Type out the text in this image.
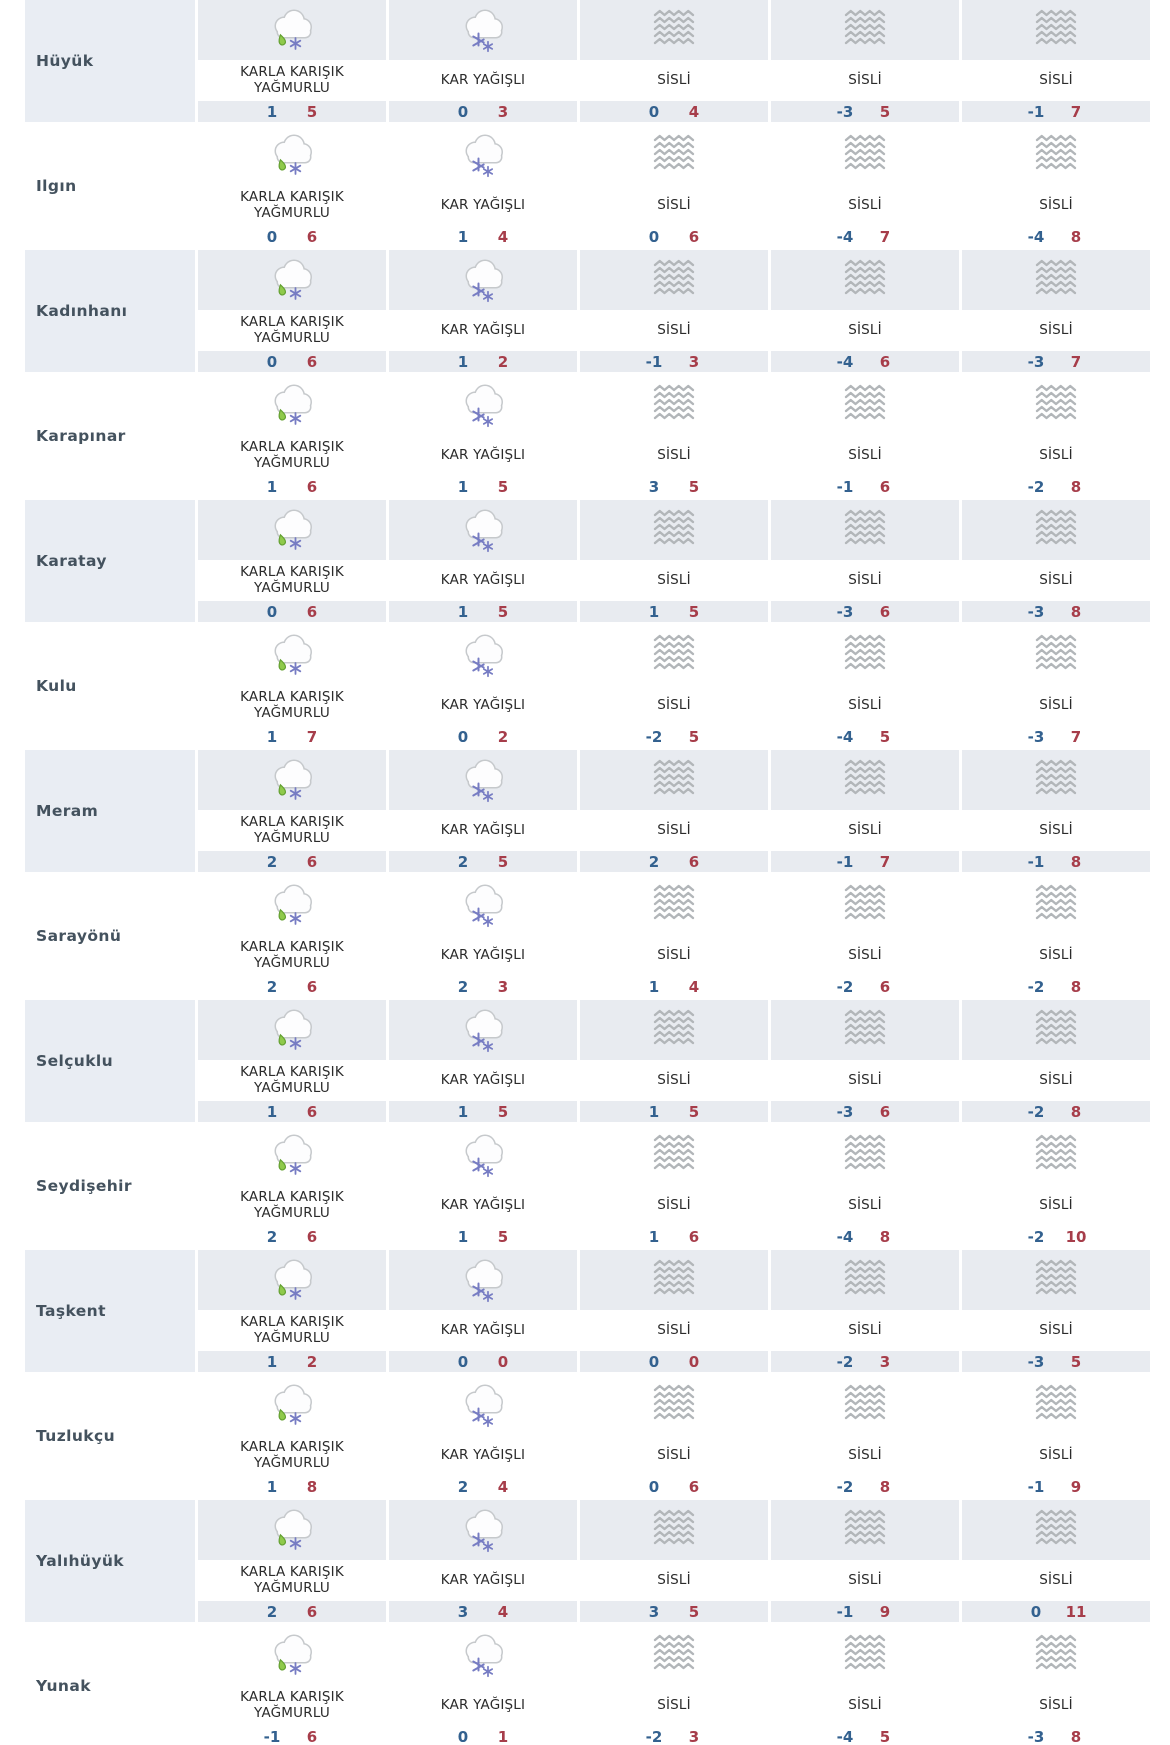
Hüyük
KARLA KARIŞIK YAĞMURLU
1	5
KAR YAĞIŞLI
0	3
SİSLİ
0	4
SİSLİ
-3	5
SİSLİ
-1	7
Ilgın
KARLA KARIŞIK YAĞMURLU
0	6
KAR YAĞIŞLI
1	4
SİSLİ
0	6
SİSLİ
-4	7
SİSLİ
-4	8
Kadınhanı
KARLA KARIŞIK YAĞMURLU
0	6
KAR YAĞIŞLI
1	2
SİSLİ
-1	3
SİSLİ
-4	6
SİSLİ
-3	7
Karapınar
KARLA KARIŞIK YAĞMURLU
1	6
KAR YAĞIŞLI
1	5
SİSLİ
3	5
SİSLİ
-1	6
SİSLİ
-2	8
Karatay
KARLA KARIŞIK YAĞMURLU
0	6
KAR YAĞIŞLI
1	5
SİSLİ
1	5
SİSLİ
-3	6
SİSLİ
-3	8
Kulu
KARLA KARIŞIK YAĞMURLU
1	7
KAR YAĞIŞLI
0	2
SİSLİ
-2	5
SİSLİ
-4	5
SİSLİ
-3	7
Meram
KARLA KARIŞIK YAĞMURLU
2	6
KAR YAĞIŞLI
2	5
SİSLİ
2	6
SİSLİ
-1	7
SİSLİ
-1	8
Sarayönü
KARLA KARIŞIK YAĞMURLU
2	6
KAR YAĞIŞLI
2	3
SİSLİ
1	4
SİSLİ
-2	6
SİSLİ
-2	8
Selçuklu
KARLA KARIŞIK YAĞMURLU
1	6
KAR YAĞIŞLI
1	5
SİSLİ
1	5
SİSLİ
-3	6
SİSLİ
-2	8
Seydişehir
KARLA KARIŞIK YAĞMURLU
2	6
KAR YAĞIŞLI
1	5
SİSLİ
1	6
SİSLİ
-4	8
SİSLİ
-2	10
Taşkent
KARLA KARIŞIK YAĞMURLU
1	2
KAR YAĞIŞLI
0	0
SİSLİ
0	0
SİSLİ
-2	3
SİSLİ
-3	5
Tuzlukçu
KARLA KARIŞIK YAĞMURLU
1	8
KAR YAĞIŞLI
2	4
SİSLİ
0	6
SİSLİ
-2	8
SİSLİ
-1	9
Yalıhüyük
KARLA KARIŞIK YAĞMURLU
2	6
KAR YAĞIŞLI
3	4
SİSLİ
3	5
SİSLİ
-1	9
SİSLİ
0	11
Yunak
KARLA KARIŞIK YAĞMURLU
-1	6
KAR YAĞIŞLI
0	1
SİSLİ
-2	3
SİSLİ
-4	5
SİSLİ
-3	8
